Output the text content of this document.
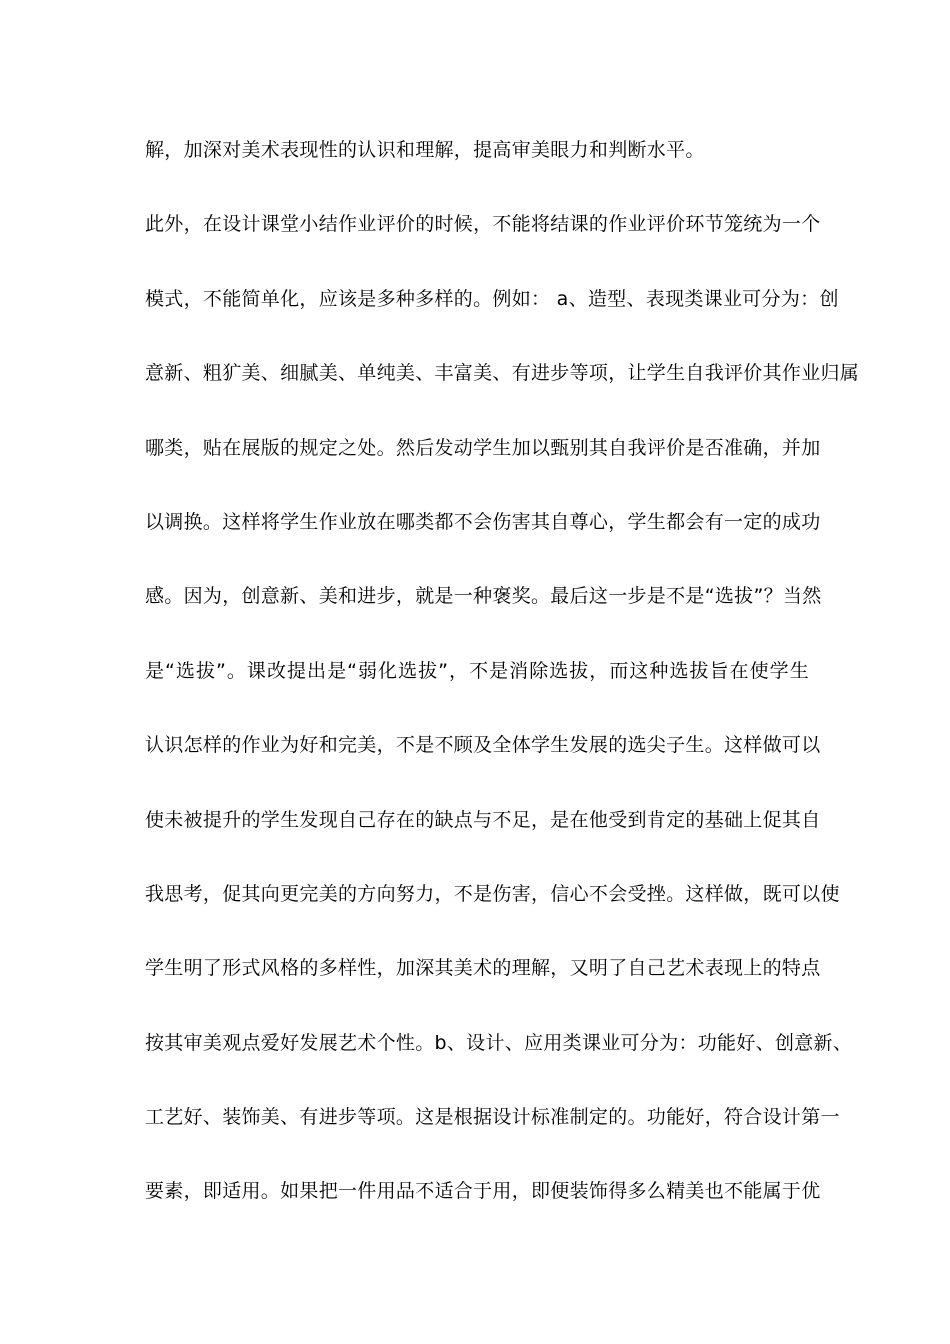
解，加深对美术表现性的认识和理解，提高审美眼力和判断水平。
此外，在设计课堂小结作业评价的时候，不能将结课的作业评价环节笼统为一个
模式，不能简单化，应该是多种多样的。例如： a、造型、表现类课业可分为：创
意新、粗犷美、细腻美、单纯美、丰富美、有进步等项，让学生自我评价其作业归属
哪类，贴在展版的规定之处。然后发动学生加以甄别其自我评价是否准确，并加
以调换。这样将学生作业放在哪类都不会伤害其自尊心，学生都会有一定的成功
感。因为，创意新、美和进步，就是一种褒奖。最后这一步是不是“选拔”？当然
是“选拔”。课改提出是“弱化选拔”，不是消除选拔，而这种选拔旨在使学生
认识怎样的作业为好和完美，不是不顾及全体学生发展的选尖子生。这样做可以
使未被提升的学生发现自己存在的缺点与不足，是在他受到肯定的基础上促其自
我思考，促其向更完美的方向努力，不是伤害，信心不会受挫。这样做，既可以使
学生明了形式风格的多样性，加深其美术的理解，又明了自己艺术表现上的特点
按其审美观点爱好发展艺术个性。b、设计、应用类课业可分为：功能好、创意新、
工艺好、装饰美、有进步等项。这是根据设计标准制定的。功能好，符合设计第一
要素，即适用。如果把一件用品不适合于用，即便装饰得多么精美也不能属于优
